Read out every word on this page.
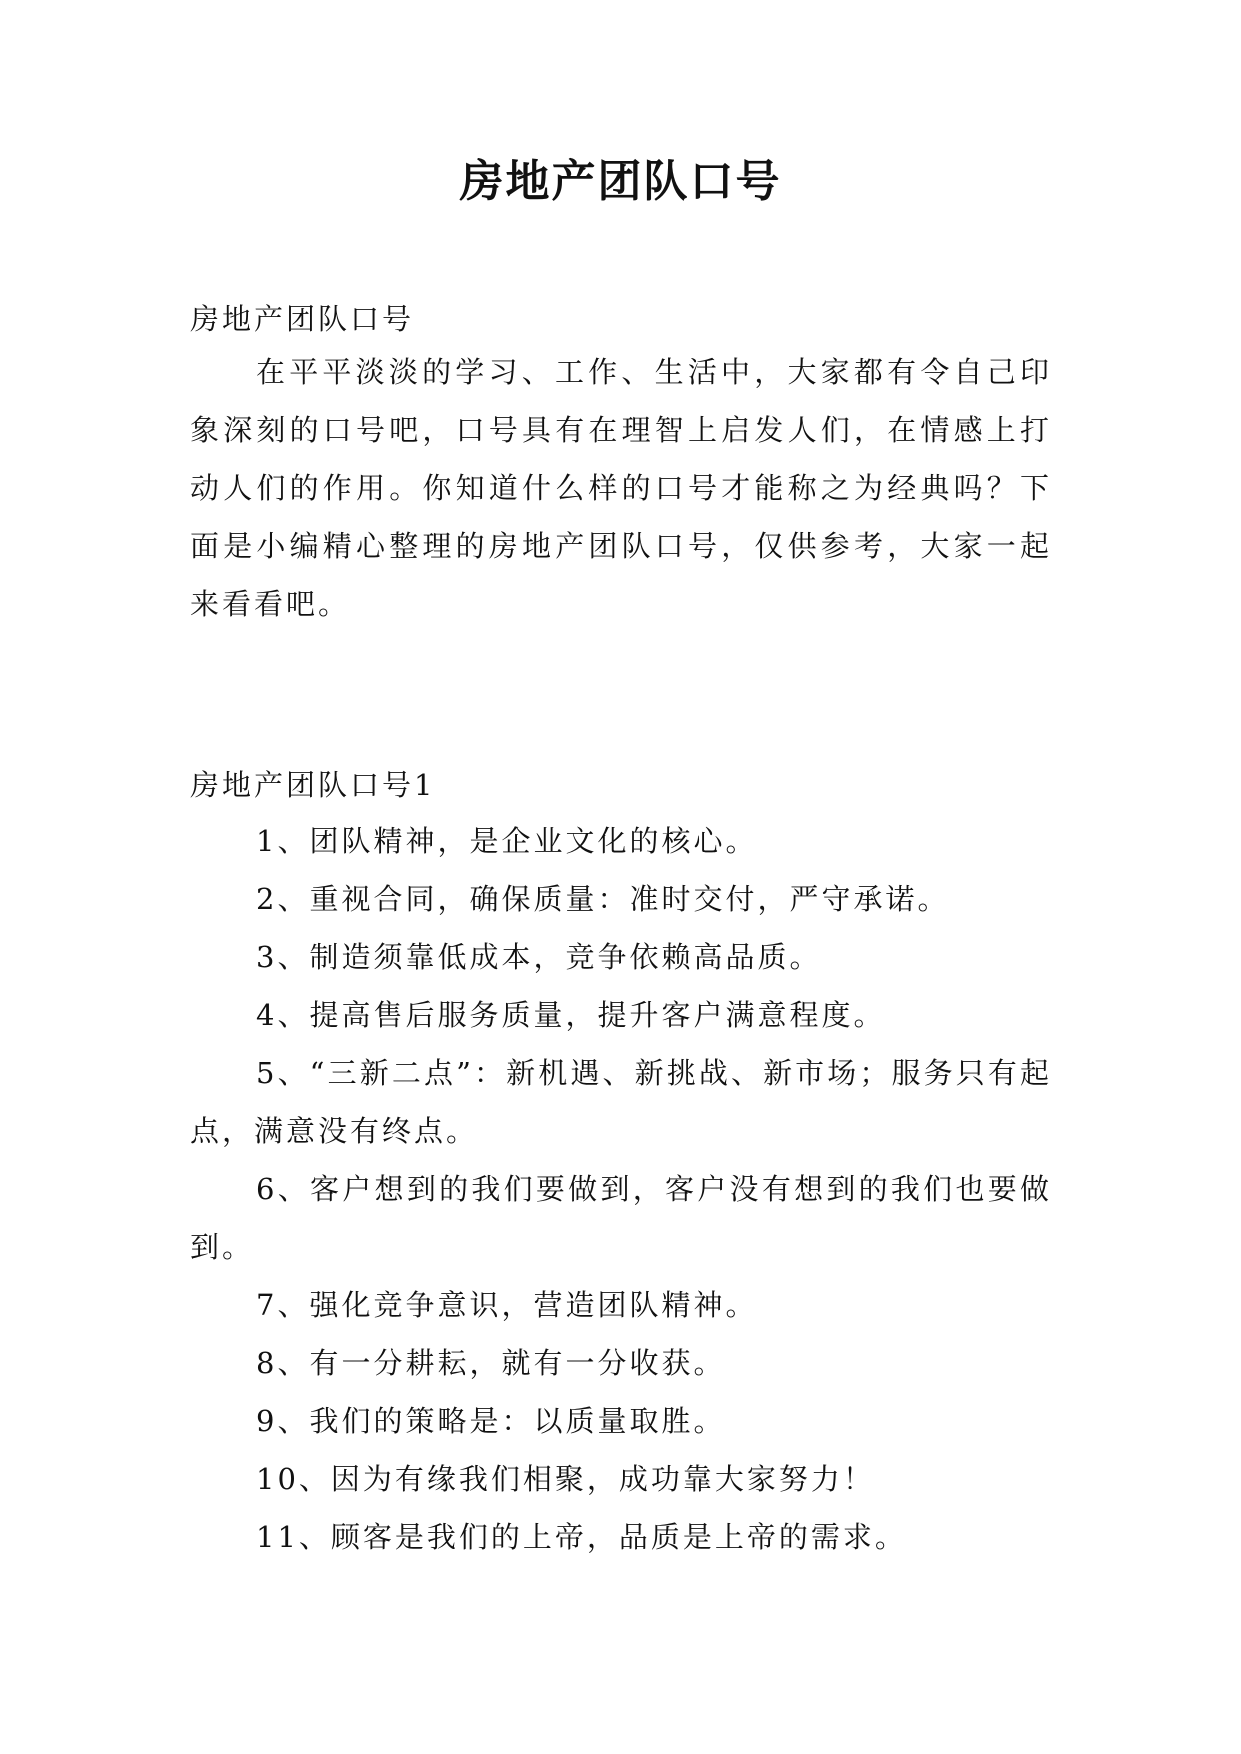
房地产团队口号
房地产团队口号
在平平淡淡的学习、工作、生活中，大家都有令自己印象深刻的口号吧，口号具有在理智上启发人们，在情感上打动人们的作用。你知道什么样的口号才能称之为经典吗？下面是小编精心整理的房地产团队口号，仅供参考，大家一起来看看吧。
房地产团队口号1
1、团队精神，是企业文化的核心。
2、重视合同，确保质量：准时交付，严守承诺。
3、制造须靠低成本，竞争依赖高品质。
4、提高售后服务质量，提升客户满意程度。
5、“三新二点”：新机遇、新挑战、新市场；服务只有起点，满意没有终点。
6、客户想到的我们要做到，客户没有想到的我们也要做到。
7、强化竞争意识，营造团队精神。
8、有一分耕耘，就有一分收获。
9、我们的策略是：以质量取胜。
10、因为有缘我们相聚，成功靠大家努力！
11、顾客是我们的上帝，品质是上帝的需求。
